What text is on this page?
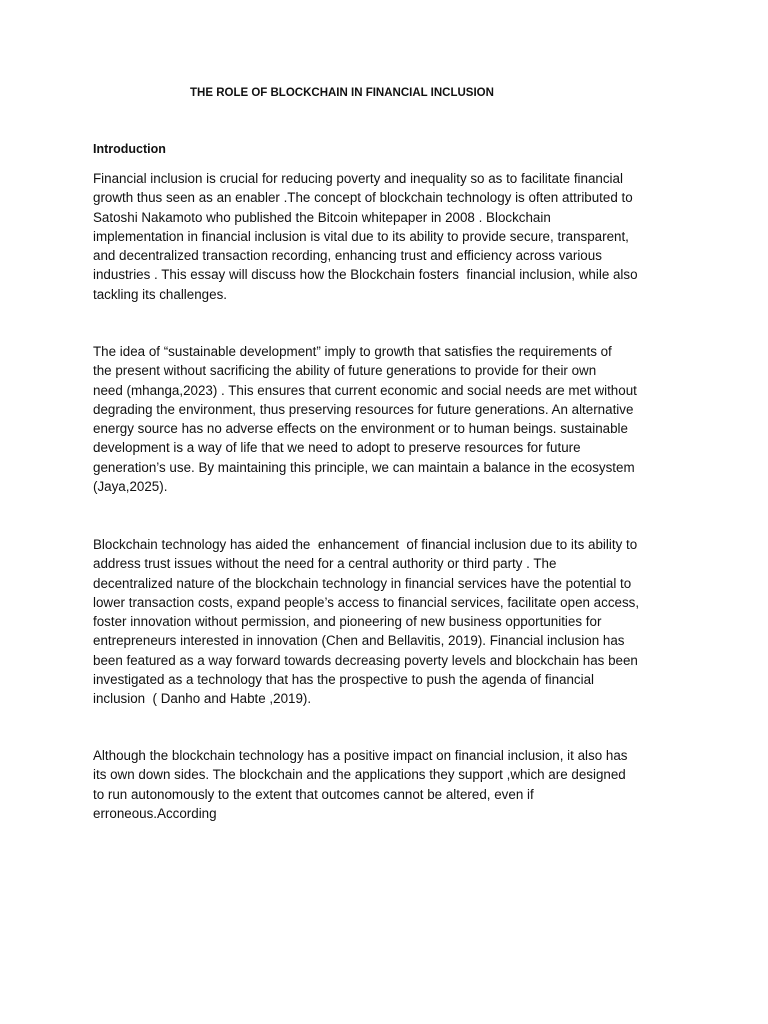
THE ROLE OF BLOCKCHAIN IN FINANCIAL INCLUSION
Introduction

Financial inclusion is crucial for reducing poverty and inequality so as to facilitate financial
growth thus seen as an enabler .The concept of blockchain technology is often attributed to
Satoshi Nakamoto who published the Bitcoin whitepaper in 2008 . Blockchain
implementation in financial inclusion is vital due to its ability to provide secure, transparent,
and decentralized transaction recording, enhancing trust and efficiency across various
industries . This essay will discuss how the Blockchain fosters  financial inclusion, while also
tackling its challenges.

The idea of “sustainable development” imply to growth that satisfies the requirements of
the present without sacrificing the ability of future generations to provide for their own
need (mhanga,2023) . This ensures that current economic and social needs are met without
degrading the environment, thus preserving resources for future generations. An alternative
energy source has no adverse effects on the environment or to human beings. sustainable
development is a way of life that we need to adopt to preserve resources for future
generation’s use. By maintaining this principle, we can maintain a balance in the ecosystem
(Jaya,2025).

Blockchain technology has aided the  enhancement  of financial inclusion due to its ability to
address trust issues without the need for a central authority or third party . The
decentralized nature of the blockchain technology in financial services have the potential to
lower transaction costs, expand people’s access to financial services, facilitate open access,
foster innovation without permission, and pioneering of new business opportunities for
entrepreneurs interested in innovation (Chen and Bellavitis, 2019). Financial inclusion has
been featured as a way forward towards decreasing poverty levels and blockchain has been
investigated as a technology that has the prospective to push the agenda of financial
inclusion  ( Danho and Habte ,2019).

Although the blockchain technology has a positive impact on financial inclusion, it also has
its own down sides. The blockchain and the applications they support ,which are designed
to run autonomously to the extent that outcomes cannot be altered, even if
erroneous.According
